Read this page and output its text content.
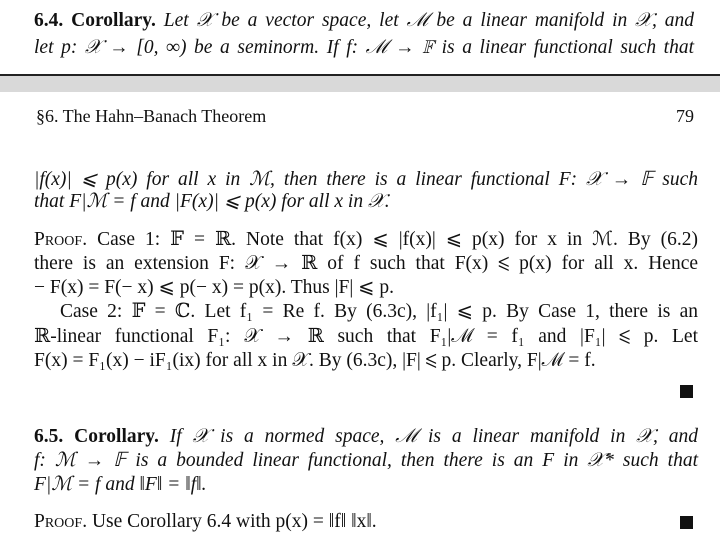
6.4. Corollary. Let 𝒳 be a vector space, let ℳ be a linear manifold in 𝒳, and
let p: 𝒳 → [0, ∞) be a seminorm. If f: ℳ → 𝔽 is a linear functional such that
§6. The Hahn–Banach Theorem	79
|f(x)| ⩽ p(x) for all x in ℳ, then there is a linear functional F: 𝒳 → 𝔽 such
that F|ℳ = f and |F(x)| ⩽ p(x) for all x in 𝒳.
Proof. Case 1: 𝔽 = ℝ. Note that f(x) ⩽ |f(x)| ⩽ p(x) for x in ℳ. By (6.2)
there is an extension F: 𝒳 → ℝ of f such that F(x) ⩽ p(x) for all x. Hence
− F(x) = F(− x) ⩽ p(− x) = p(x). Thus |F| ⩽ p.
Case 2: 𝔽 = ℂ. Let f₁ = Re f. By (6.3c), |f₁| ⩽ p. By Case 1, there is an
ℝ-linear functional F₁: 𝒳 → ℝ such that F₁|ℳ = f₁ and |F₁| ⩽ p. Let
F(x) = F₁(x) − iF₁(ix) for all x in 𝒳. By (6.3c), |F| ⩽ p. Clearly, F|ℳ = f.
6.5. Corollary. If 𝒳 is a normed space, ℳ is a linear manifold in 𝒳, and
f: ℳ → 𝔽 is a bounded linear functional, then there is an F in 𝒳* such that
F|ℳ = f and ‖F‖ = ‖f‖.
Proof. Use Corollary 6.4 with p(x) = ‖f‖ ‖x‖.
